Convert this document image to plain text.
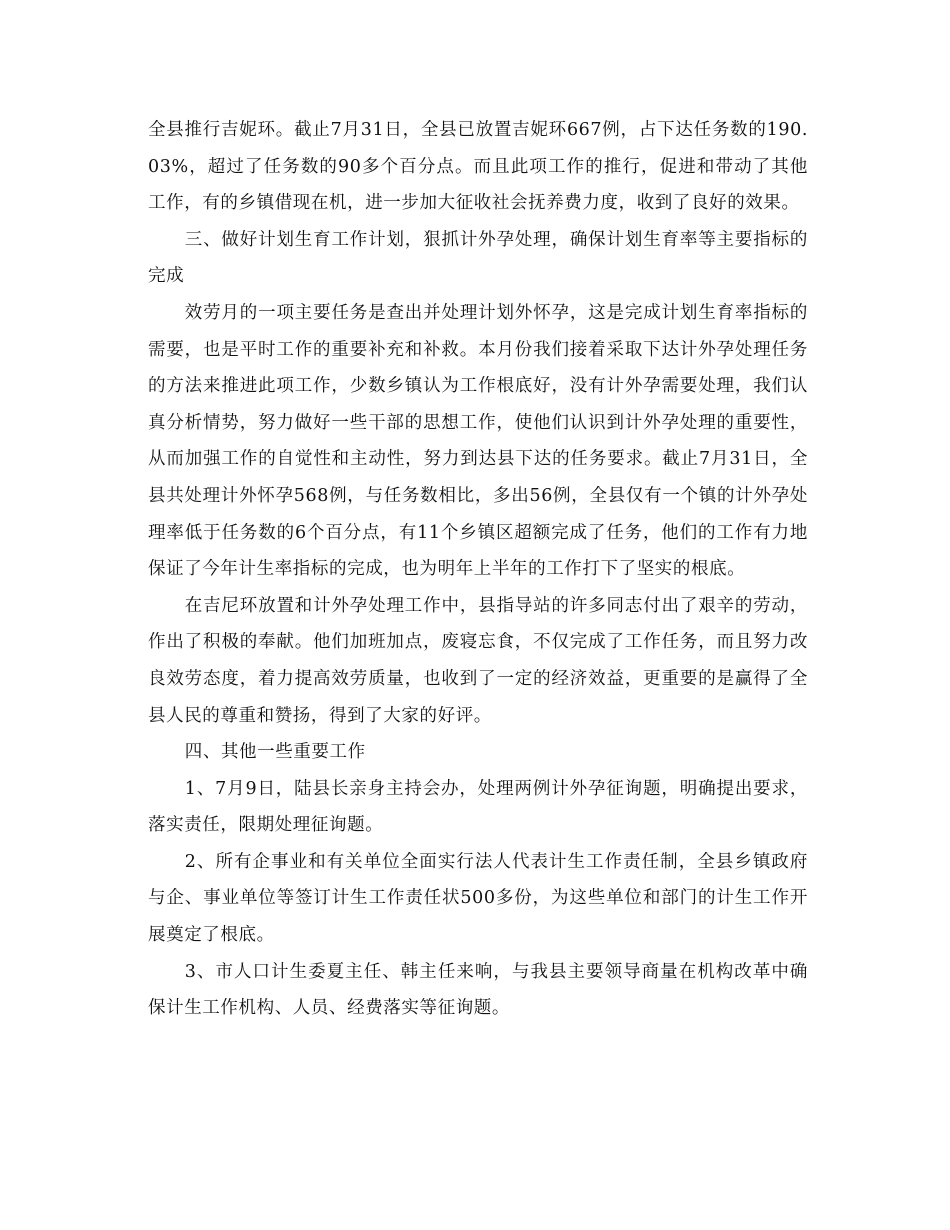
全县推行吉妮环。截止7月31日，全县已放置吉妮环667例，占下达任务数的190.03%，超过了任务数的90多个百分点。而且此项工作的推行，促进和带动了其他工作，有的乡镇借现在机，进一步加大征收社会抚养费力度，收到了良好的效果。

三、做好计划生育工作计划，狠抓计外孕处理，确保计划生育率等主要指标的完成

效劳月的一项主要任务是查出并处理计划外怀孕，这是完成计划生育率指标的需要，也是平时工作的重要补充和补救。本月份我们接着采取下达计外孕处理任务的方法来推进此项工作，少数乡镇认为工作根底好，没有计外孕需要处理，我们认真分析情势，努力做好一些干部的思想工作，使他们认识到计外孕处理的重要性，从而加强工作的自觉性和主动性，努力到达县下达的任务要求。截止7月31日，全县共处理计外怀孕568例，与任务数相比，多出56例，全县仅有一个镇的计外孕处理率低于任务数的6个百分点，有11个乡镇区超额完成了任务，他们的工作有力地保证了今年计生率指标的完成，也为明年上半年的工作打下了坚实的根底。

在吉尼环放置和计外孕处理工作中，县指导站的许多同志付出了艰辛的劳动，作出了积极的奉献。他们加班加点，废寝忘食，不仅完成了工作任务，而且努力改良效劳态度，着力提高效劳质量，也收到了一定的经济效益，更重要的是赢得了全县人民的尊重和赞扬，得到了大家的好评。

四、其他一些重要工作

1、7月9日，陆县长亲身主持会办，处理两例计外孕征询题，明确提出要求，落实责任，限期处理征询题。

2、所有企事业和有关单位全面实行法人代表计生工作责任制，全县乡镇政府与企、事业单位等签订计生工作责任状500多份，为这些单位和部门的计生工作开展奠定了根底。

3、市人口计生委夏主任、韩主任来响，与我县主要领导商量在机构改革中确保计生工作机构、人员、经费落实等征询题。
